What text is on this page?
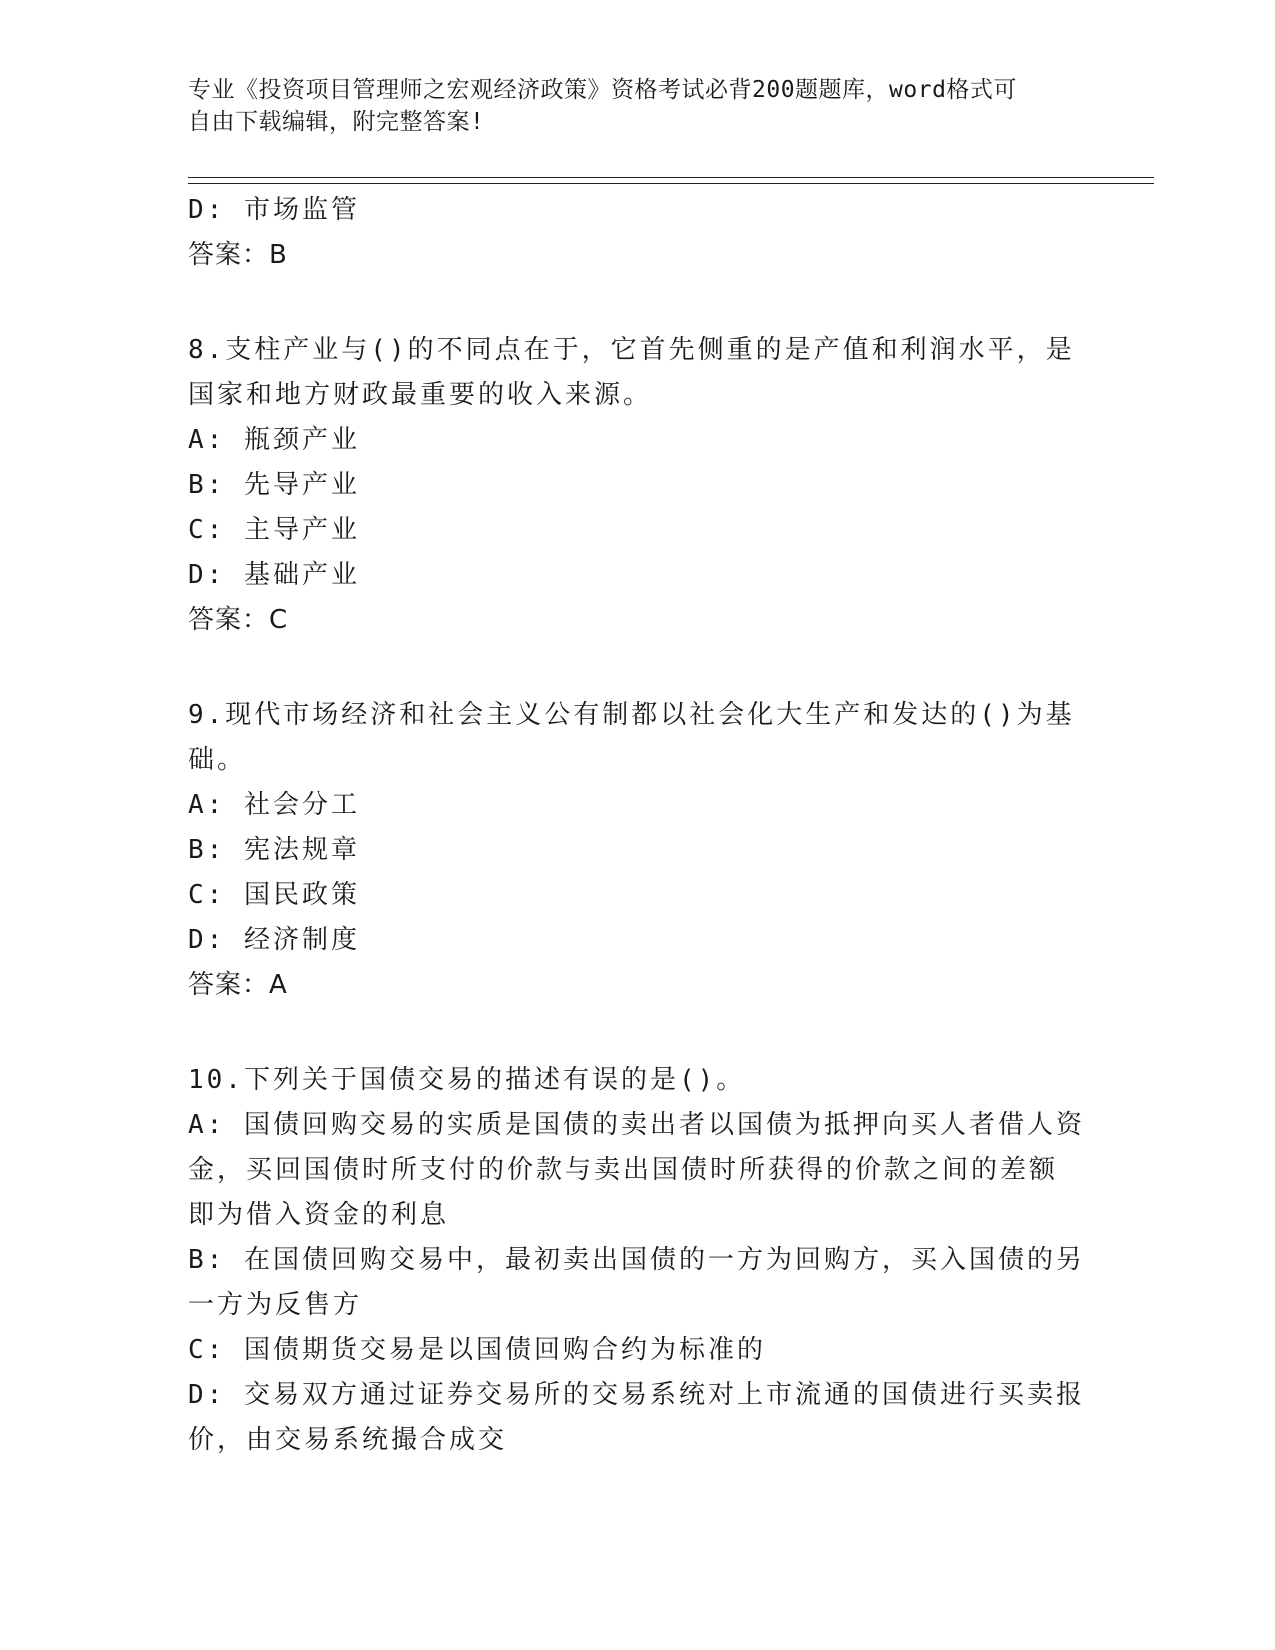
专业《投资项目管理师之宏观经济政策》资格考试必背200题题库，word格式可
自由下载编辑，附完整答案!
D: 市场监管
答案：B
8.支柱产业与()的不同点在于，它首先侧重的是产值和利润水平，是
国家和地方财政最重要的收入来源。
A: 瓶颈产业
B: 先导产业
C: 主导产业
D: 基础产业
答案：C
9.现代市场经济和社会主义公有制都以社会化大生产和发达的()为基
础。
A: 社会分工
B: 宪法规章
C: 国民政策
D: 经济制度
答案：A
10.下列关于国债交易的描述有误的是()。
A: 国债回购交易的实质是国债的卖出者以国债为抵押向买人者借人资
金，买回国债时所支付的价款与卖出国债时所获得的价款之间的差额
即为借入资金的利息
B: 在国债回购交易中，最初卖出国债的一方为回购方，买入国债的另
一方为反售方
C: 国债期货交易是以国债回购合约为标准的
D: 交易双方通过证券交易所的交易系统对上市流通的国债进行买卖报
价，由交易系统撮合成交
